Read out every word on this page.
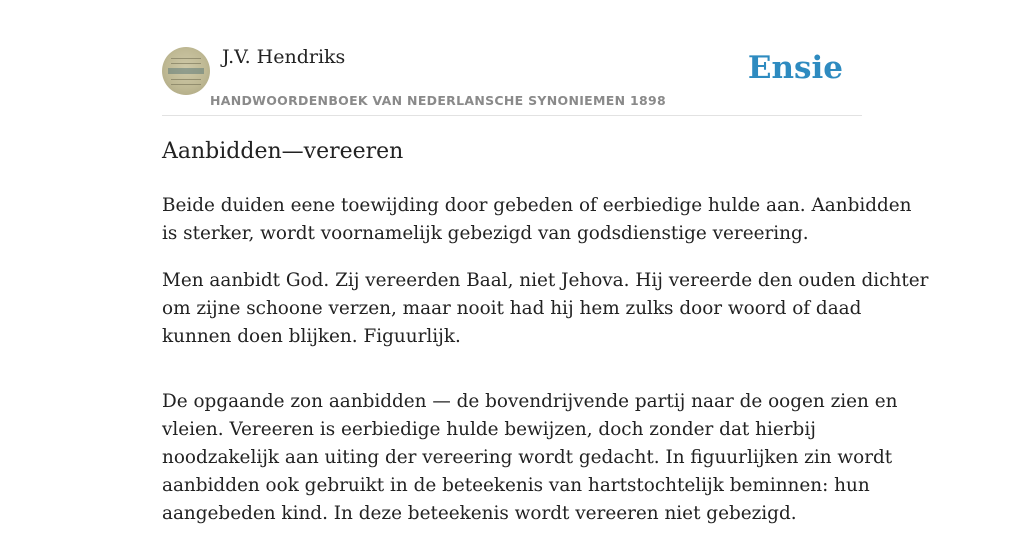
J.V. Hendriks
HANDWOORDENBOEK VAN NEDERLANSCHE SYNONIEMEN 1898
Ensie
Aanbidden—vereeren

Beide duiden eene toewijding door gebeden of eerbiedige hulde aan. Aanbidden
is sterker, wordt voornamelijk gebezigd van godsdienstige vereering.

Men aanbidt God. Zij vereerden Baal, niet Jehova. Hij vereerde den ouden dichter
om zijne schoone verzen, maar nooit had hij hem zulks door woord of daad
kunnen doen blijken. Figuurlijk.

De opgaande zon aanbidden — de bovendrijvende partij naar de oogen zien en
vleien. Vereeren is eerbiedige hulde bewijzen, doch zonder dat hierbij
noodzakelijk aan uiting der vereering wordt gedacht. In figuurlijken zin wordt
aanbidden ook gebruikt in de beteekenis van hartstochtelijk beminnen: hun
aangebeden kind. In deze beteekenis wordt vereeren niet gebezigd.
